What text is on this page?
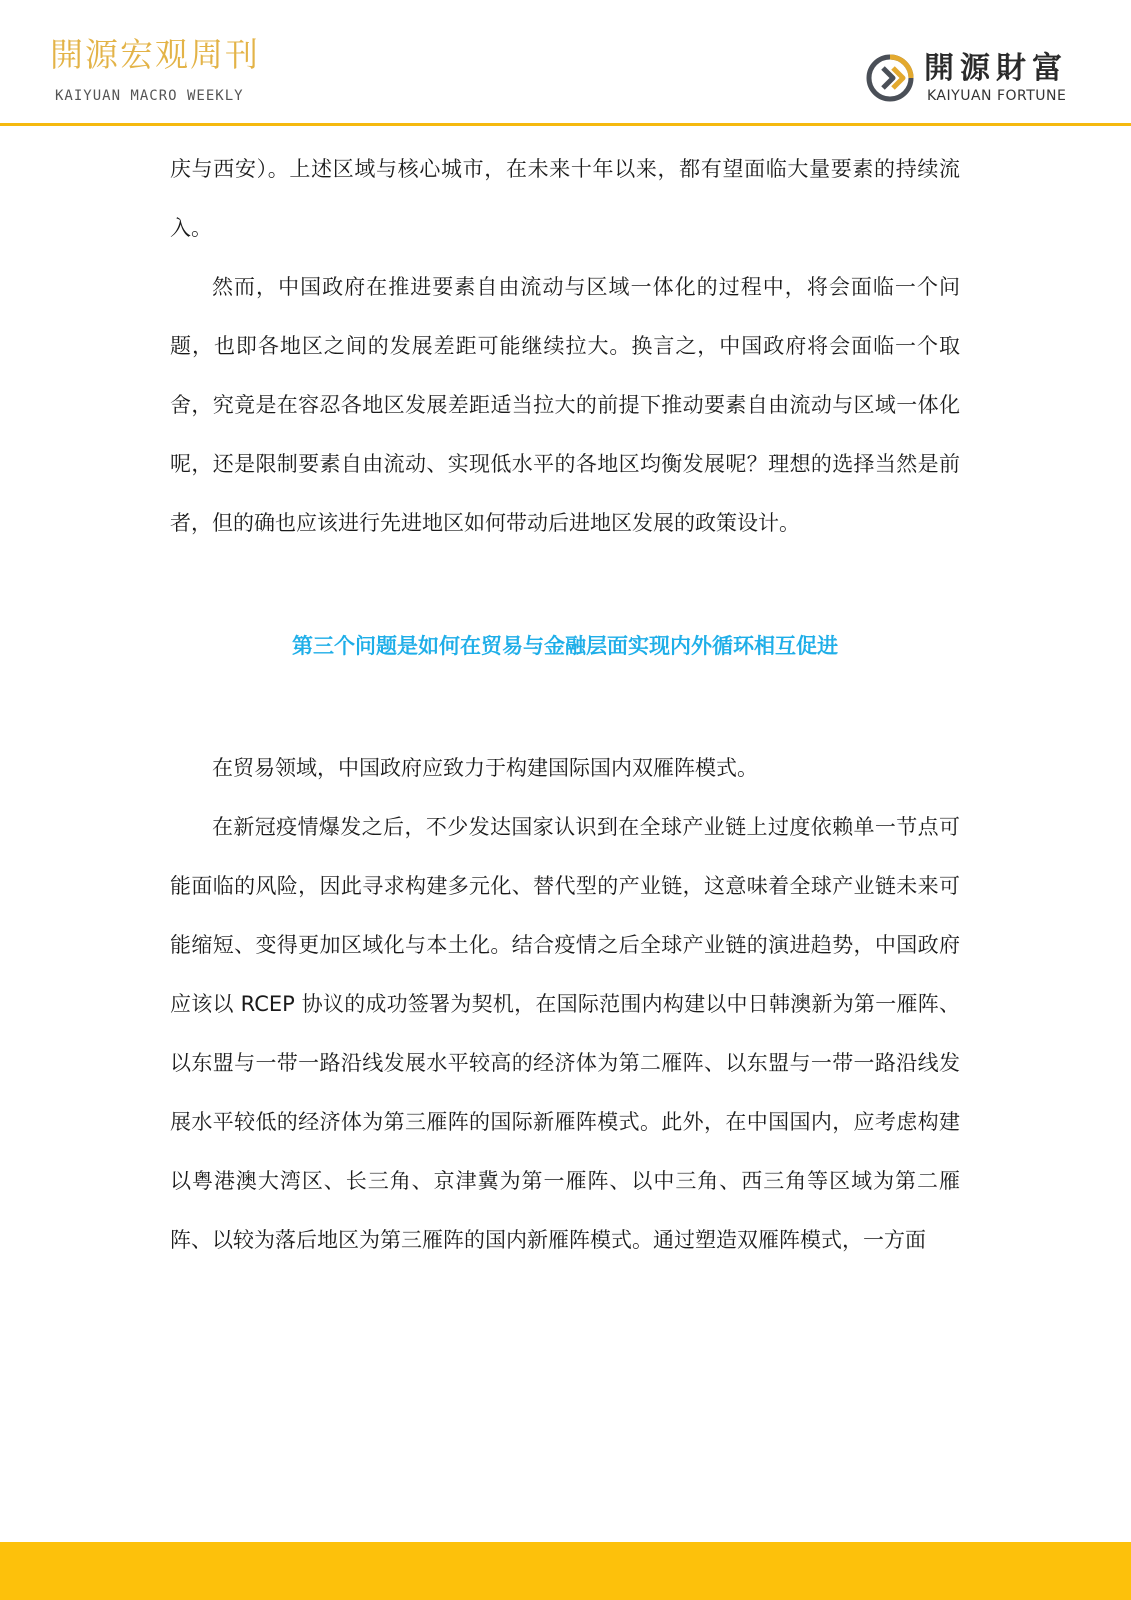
開源宏观周刊
KAIYUAN MACRO WEEKLY
開源財富
KAIYUAN FORTUNE

庆与西安）。上述区域与核心城市，在未来十年以来，都有望面临大量要素的持续流入。

然而，中国政府在推进要素自由流动与区域一体化的过程中，将会面临一个问题，也即各地区之间的发展差距可能继续拉大。换言之，中国政府将会面临一个取舍，究竟是在容忍各地区发展差距适当拉大的前提下推动要素自由流动与区域一体化呢，还是限制要素自由流动、实现低水平的各地区均衡发展呢？理想的选择当然是前者，但的确也应该进行先进地区如何带动后进地区发展的政策设计。

第三个问题是如何在贸易与金融层面实现内外循环相互促进

在贸易领域，中国政府应致力于构建国际国内双雁阵模式。

在新冠疫情爆发之后，不少发达国家认识到在全球产业链上过度依赖单一节点可能面临的风险，因此寻求构建多元化、替代型的产业链，这意味着全球产业链未来可能缩短、变得更加区域化与本土化。结合疫情之后全球产业链的演进趋势，中国政府应该以 RCEP 协议的成功签署为契机，在国际范围内构建以中日韩澳新为第一雁阵、以东盟与一带一路沿线发展水平较高的经济体为第二雁阵、以东盟与一带一路沿线发展水平较低的经济体为第三雁阵的国际新雁阵模式。此外，在中国国内，应考虑构建以粤港澳大湾区、长三角、京津冀为第一雁阵、以中三角、西三角等区域为第二雁阵、以较为落后地区为第三雁阵的国内新雁阵模式。通过塑造双雁阵模式，一方面
